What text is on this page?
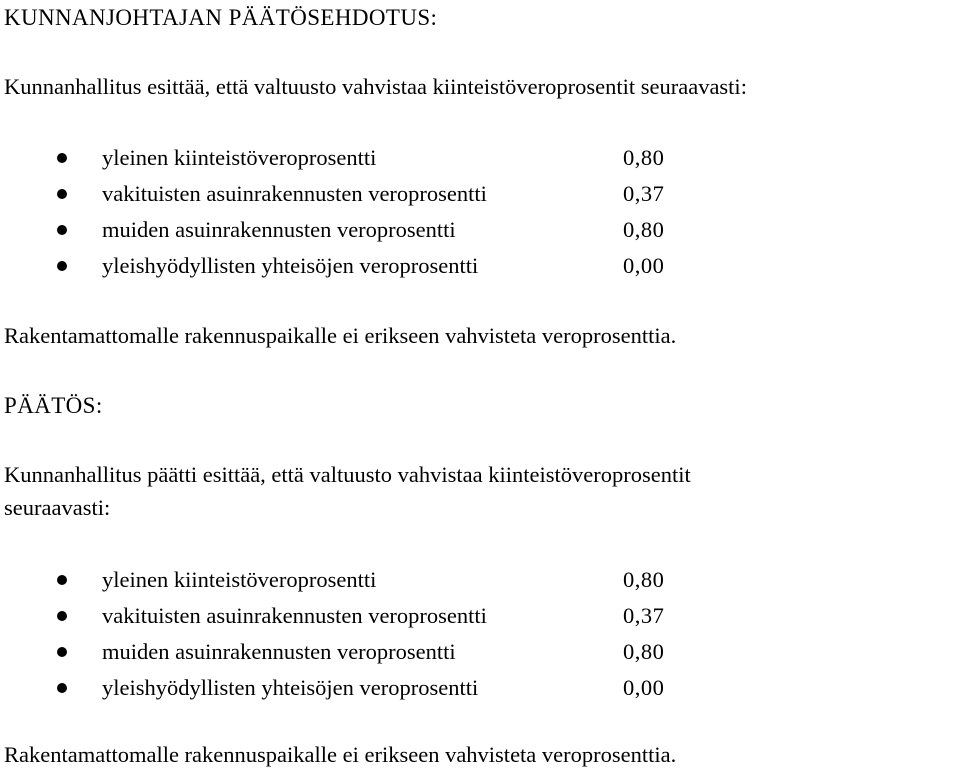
KUNNANJOHTAJAN PÄÄTÖSEHDOTUS:
Kunnanhallitus esittää, että valtuusto vahvistaa kiinteistöveroprosentit seuraavasti:
yleinen kiinteistöveroprosentti	0,80
vakituisten asuinrakennusten veroprosentti	0,37
muiden asuinrakennusten veroprosentti	0,80
yleishyödyllisten yhteisöjen veroprosentti	0,00
Rakentamattomalle rakennuspaikalle ei erikseen vahvisteta veroprosenttia.
PÄÄTÖS:
Kunnanhallitus päätti esittää, että valtuusto vahvistaa kiinteistöveroprosentit
seuraavasti:
yleinen kiinteistöveroprosentti	0,80
vakituisten asuinrakennusten veroprosentti	0,37
muiden asuinrakennusten veroprosentti	0,80
yleishyödyllisten yhteisöjen veroprosentti	0,00
Rakentamattomalle rakennuspaikalle ei erikseen vahvisteta veroprosenttia.
